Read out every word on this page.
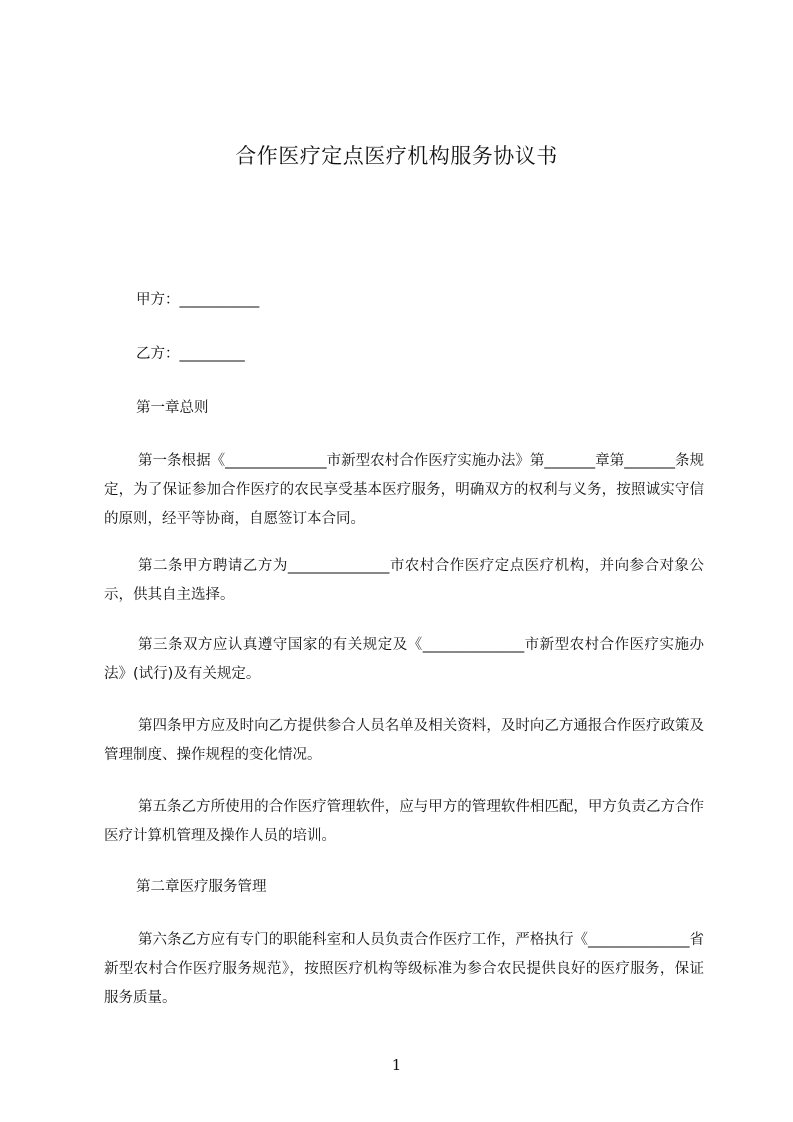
合作医疗定点医疗机构服务协议书
甲方：___________
乙方：_________
第一章总则
第一条根据《______________市新型农村合作医疗实施办法》第_______章第_______条规定，为了保证参加合作医疗的农民享受基本医疗服务，明确双方的权利与义务，按照诚实守信的原则，经平等协商，自愿签订本合同。
第二条甲方聘请乙方为______________市农村合作医疗定点医疗机构，并向参合对象公示，供其自主选择。
第三条双方应认真遵守国家的有关规定及《______________市新型农村合作医疗实施办法》(试行)及有关规定。
第四条甲方应及时向乙方提供参合人员名单及相关资料，及时向乙方通报合作医疗政策及管理制度、操作规程的变化情况。
第五条乙方所使用的合作医疗管理软件，应与甲方的管理软件相匹配，甲方负责乙方合作医疗计算机管理及操作人员的培训。
第二章医疗服务管理
第六条乙方应有专门的职能科室和人员负责合作医疗工作，严格执行《______________省新型农村合作医疗服务规范》，按照医疗机构等级标准为参合农民提供良好的医疗服务，保证服务质量。
1
